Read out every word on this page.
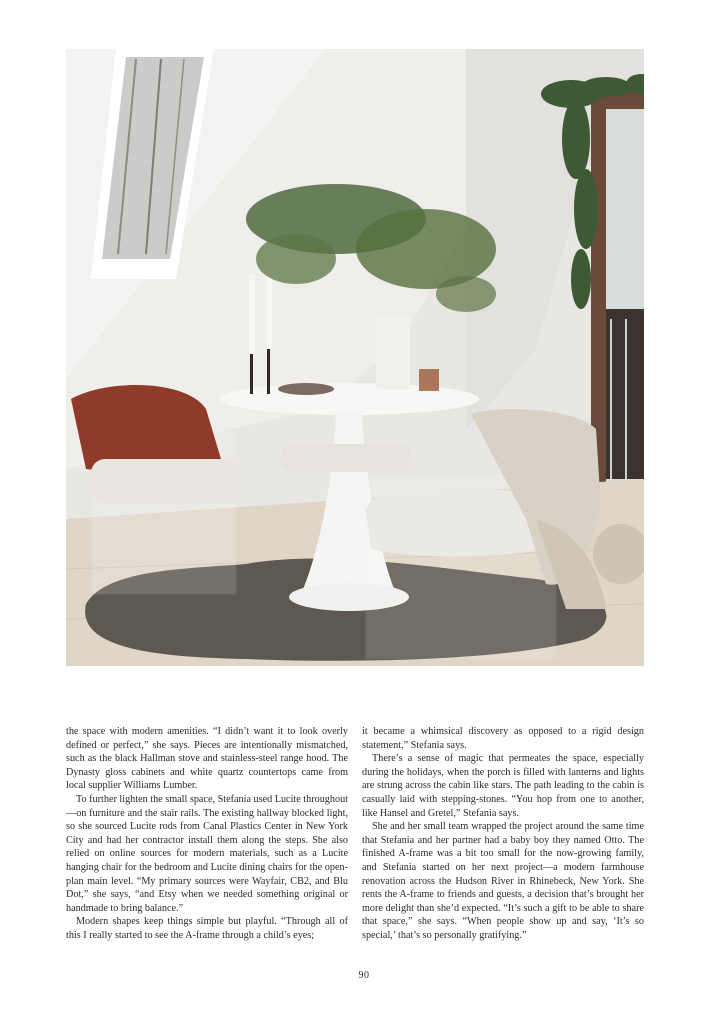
the space with modern amenities. “I didn’t want it to look overly defined or perfect,” she says. Pieces are intentionally mismatched, such as the black Hallman stove and stainless-steel range hood. The Dynasty gloss cabinets and white quartz countertops came from local supplier Williams Lumber.

To further lighten the small space, Stefania used Lucite throughout—on furniture and the stair rails. The existing hallway blocked light, so she sourced Lucite rods from Canal Plastics Center in New York City and had her contractor install them along the steps. She also relied on online sources for modern materials, such as a Lucite hanging chair for the bedroom and Lucite dining chairs for the open-plan main level. “My primary sources were Wayfair, CB2, and Blu Dot,” she says, “and Etsy when we needed something original or handmade to bring balance.”

Modern shapes keep things simple but playful. “Through all of this I really started to see the A-frame through a child’s eyes;

it became a whimsical discovery as opposed to a rigid design statement,” Stefania says.

There’s a sense of magic that permeates the space, especially during the holidays, when the porch is filled with lanterns and lights are strung across the cabin like stars. The path leading to the cabin is casually laid with stepping-stones. “You hop from one to another, like Hansel and Gretel,” Stefania says.

She and her small team wrapped the project around the same time that Stefania and her partner had a baby boy they named Otto. The finished A-frame was a bit too small for the now-growing family, and Stefania started on her next project—a modern farmhouse renovation across the Hudson River in Rhinebeck, New York. She rents the A-frame to friends and guests, a decision that’s brought her more delight than she’d expected. “It’s such a gift to be able to share that space,” she says. “When people show up and say, ‘It’s so special,’ that’s so personally gratifying.”

90
